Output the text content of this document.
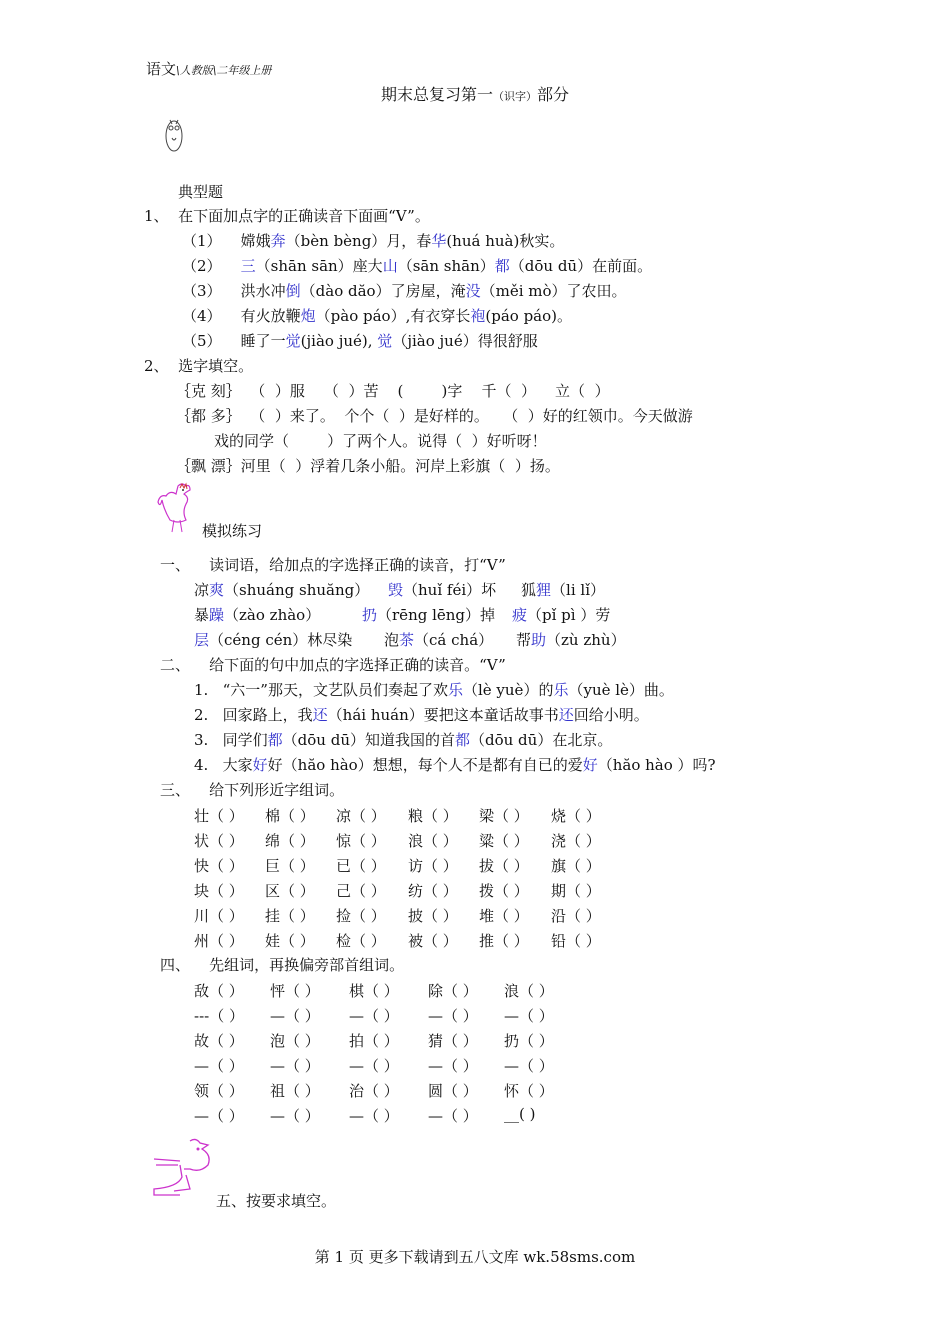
语文\人教版\二年级上册
期末总复习第一（识字）部分
典型题
1、 在下面加点字的正确读音下面画“V”。
（1） 嫦娥奔（bèn bèng）月，春华(huá huà)秋实。
（2） 三（shān sān）座大山（sān shān）都（dōu dū）在前面。
（3） 洪水冲倒（dào dăo）了房屋，淹没（měi mò）了农田。
（4） 有火放鞭炮（pào páo）,有衣穿长袍(páo páo)。
（5） 睡了一觉(jiào jué), 觉（jiào jué）得很舒服
2、 选字填空。
｛克 刻｝  （  ）服    （  ）苦    (        )字    千（  ）    立（  ）
｛都 多｝  （  ）来了。  个个（  ）是好样的。   （  ）好的红领巾。今天做游
戏的同学（        ）了两个人。说得（  ）好听呀！
｛飘 漂｝河里（  ）浮着几条小船。河岸上彩旗（  ）扬。
模拟练习
一、 读词语，给加点的字选择正确的读音，打“V”
凉爽（shuáng shuăng） 毁（huǐ féi）坏 狐狸（li lǐ）
暴躁（zào zhào）	扔（rēng lēng）掉 疲（pǐ pì ）劳
层（céng cén）林尽染 泡茶（cá chá） 帮助（zù zhù）
二、 给下面的句中加点的字选择正确的读音。“V”
1. “六一”那天，文艺队员们奏起了欢乐（lè yuè）的乐（yuè lè）曲。
2. 回家路上，我还（hái huán）要把这本童话故事书还回给小明。
3. 同学们都（dōu dū）知道我国的首都（dōu dū）在北京。
4. 大家好好（hăo hào）想想，每个人不是都有自已的爱好（hăo hào ）吗?
三、 给下列形近字组词。
壮（ ） 棉（ ） 凉（ ） 粮（ ） 梁（ ） 烧（ ）
状（ ） 绵（ ） 惊（ ） 浪（ ） 粱（ ） 浇（ ）
快（ ） 巨（ ） 已（ ） 访（ ） 拔（ ） 旗（ ）
块（ ） 区（ ） 己（ ） 纺（ ） 拨（ ） 期（ ）
川（ ） 挂（ ） 捡（ ） 披（ ） 堆（ ） 沿（ ）
州（ ） 娃（ ） 检（ ） 被（ ） 推（ ） 铅（ ）
四、 先组词，再换偏旁部首组词。
敌（ ） 怦（ ） 棋（ ） 除（ ） 浪（ ）
---（ ） —（ ） —（ ） —（ ） —（ ）
故（ ） 泡（ ） 拍（ ） 猜（ ） 扔（ ）
—（ ） —（ ） —（ ） —（ ） —（ ）
领（ ） 祖（ ） 治（ ） 圆（ ） 怀（ ）
—（ ） —（ ） —（ ） —（ ） __( )
五、按要求填空。
第 1 页 更多下载请到五八文库 wk.58sms.com
